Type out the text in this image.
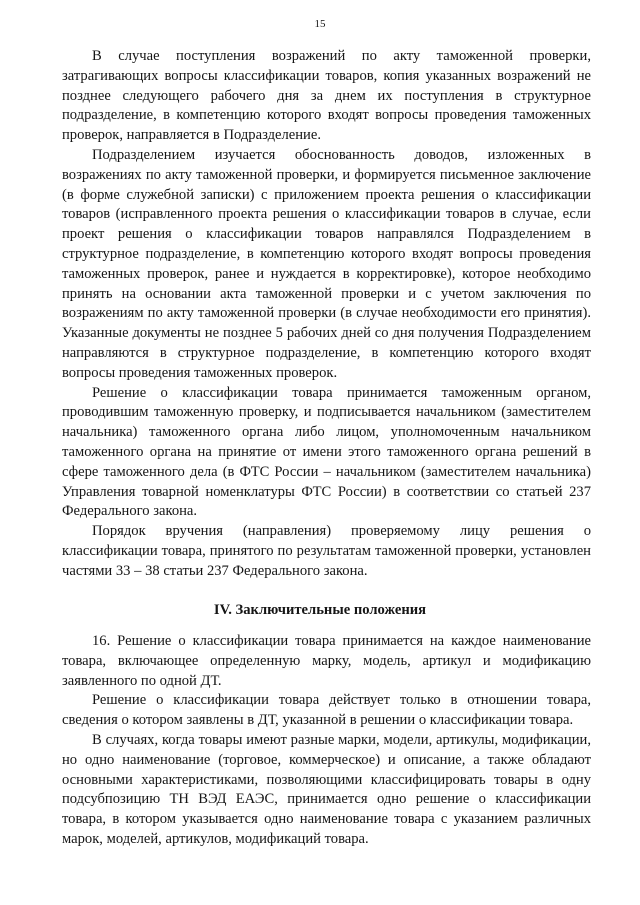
15

В случае поступления возражений по акту таможенной проверки, затрагивающих вопросы классификации товаров, копия указанных возражений не позднее следующего рабочего дня за днем их поступления в структурное подразделение, в компетенцию которого входят вопросы проведения таможенных проверок, направляется в Подразделение.

Подразделением изучается обоснованность доводов, изложенных в возражениях по акту таможенной проверки, и формируется письменное заключение (в форме служебной записки) с приложением проекта решения о классификации товаров (исправленного проекта решения о классификации товаров в случае, если проект решения о классификации товаров направлялся Подразделением в структурное подразделение, в компетенцию которого входят вопросы проведения таможенных проверок, ранее и нуждается в корректировке), которое необходимо принять на основании акта таможенной проверки и с учетом заключения по возражениям по акту таможенной проверки (в случае необходимости его принятия). Указанные документы не позднее 5 рабочих дней со дня получения Подразделением направляются в структурное подразделение, в компетенцию которого входят вопросы проведения таможенных проверок.

Решение о классификации товара принимается таможенным органом, проводившим таможенную проверку, и подписывается начальником (заместителем начальника) таможенного органа либо лицом, уполномоченным начальником таможенного органа на принятие от имени этого таможенного органа решений в сфере таможенного дела (в ФТС России – начальником (заместителем начальника) Управления товарной номенклатуры ФТС России) в соответствии со статьей 237 Федерального закона.

Порядок вручения (направления) проверяемому лицу решения о классификации товара, принятого по результатам таможенной проверки, установлен частями 33 – 38 статьи 237 Федерального закона.

IV. Заключительные положения

16. Решение о классификации товара принимается на каждое наименование товара, включающее определенную марку, модель, артикул и модификацию заявленного по одной ДТ.

Решение о классификации товара действует только в отношении товара, сведения о котором заявлены в ДТ, указанной в решении о классификации товара.

В случаях, когда товары имеют разные марки, модели, артикулы, модификации, но одно наименование (торговое, коммерческое) и описание, а также обладают основными характеристиками, позволяющими классифицировать товары в одну подсубпозицию ТН ВЭД ЕАЭС, принимается одно решение о классификации товара, в котором указывается одно наименование товара с указанием различных марок, моделей, артикулов, модификаций товара.
